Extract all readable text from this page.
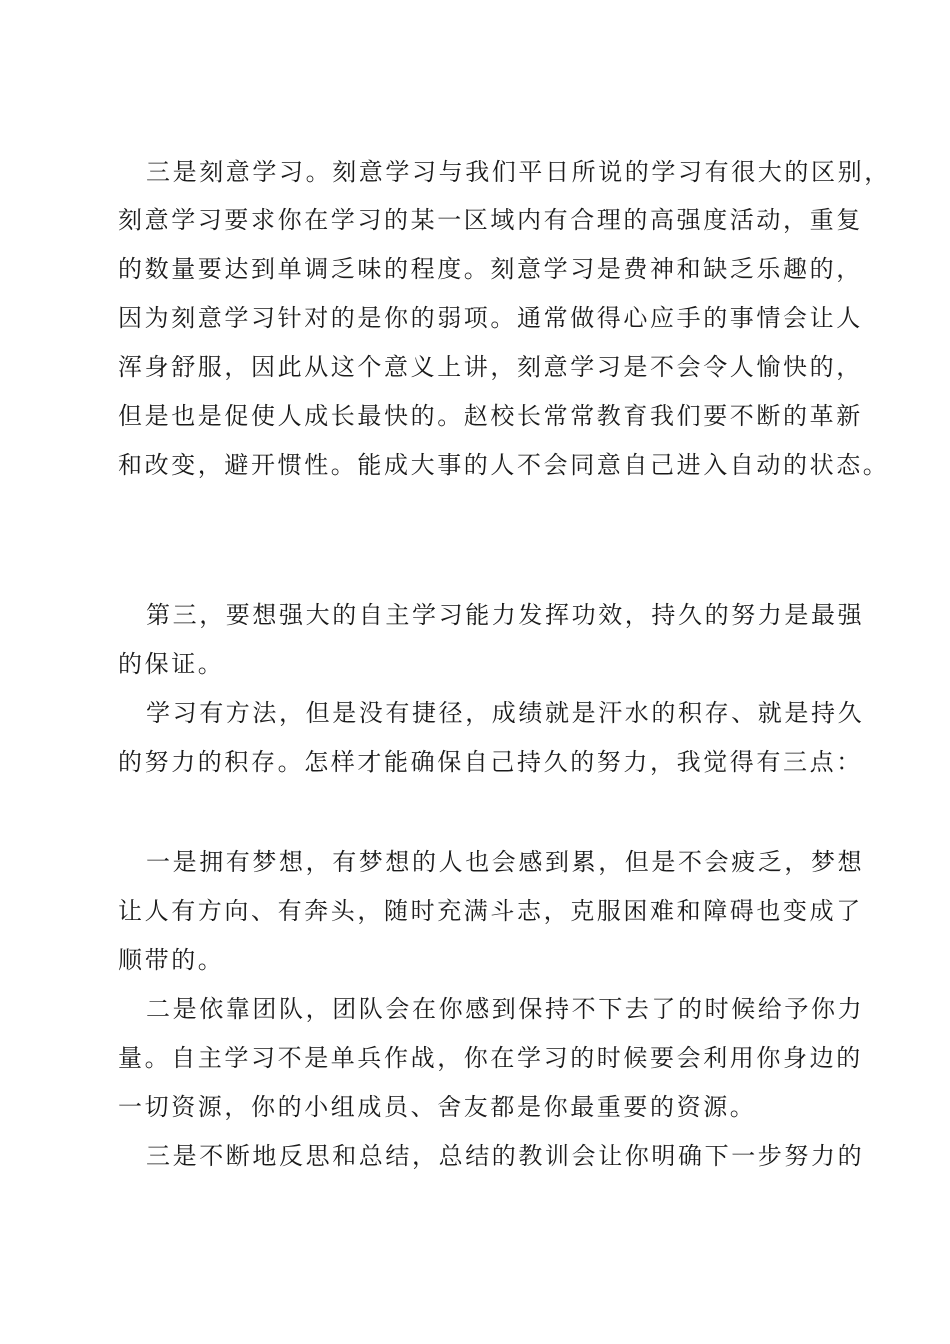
三是刻意学习。刻意学习与我们平日所说的学习有很大的区别，
刻意学习要求你在学习的某一区域内有合理的高强度活动，重复
的数量要达到单调乏味的程度。刻意学习是费神和缺乏乐趣的，
因为刻意学习针对的是你的弱项。通常做得心应手的事情会让人
浑身舒服，因此从这个意义上讲，刻意学习是不会令人愉快的，
但是也是促使人成长最快的。赵校长常常教育我们要不断的革新
和改变，避开惯性。能成大事的人不会同意自己进入自动的状态。
第三，要想强大的自主学习能力发挥功效，持久的努力是最强
的保证。
学习有方法，但是没有捷径，成绩就是汗水的积存、就是持久
的努力的积存。怎样才能确保自己持久的努力，我觉得有三点：
一是拥有梦想，有梦想的人也会感到累，但是不会疲乏，梦想
让人有方向、有奔头，随时充满斗志，克服困难和障碍也变成了
顺带的。
二是依靠团队，团队会在你感到保持不下去了的时候给予你力
量。自主学习不是单兵作战，你在学习的时候要会利用你身边的
一切资源，你的小组成员、舍友都是你最重要的资源。
三是不断地反思和总结，总结的教训会让你明确下一步努力的
